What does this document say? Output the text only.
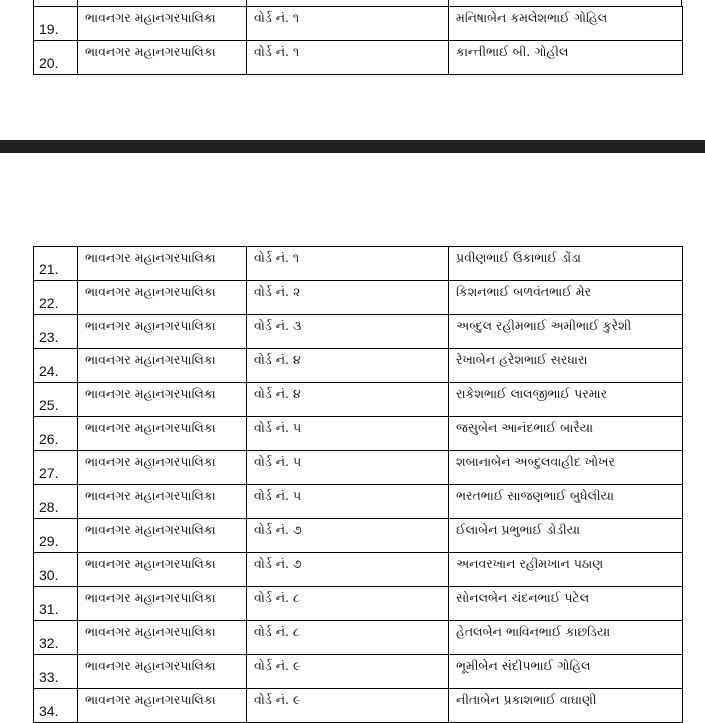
19.	ભાવનગર મહાનગરપાલિકા	વોર્ડ નં. ૧	મનિષાબેન કમલેશભાઈ ગોહિલ
20.	ભાવનગર મહાનગરપાલિકા	વોર્ડ નં. ૧	કાન્તીભાઈ બી. ગોહીલ
21.	ભાવનગર મહાનગરપાલિકા	વોર્ડ નં. ૧	પ્રવીણભાઈ ઉકાભાઈ ડોંડા
22.	ભાવનગર મહાનગરપાલિકા	વોર્ડ નં. ૨	કિશનભાઈ બળવંતભાઈ મેર
23.	ભાવનગર મહાનગરપાલિકા	વોર્ડ નં. ૩	અબ્દુલ રહીમભાઈ અમીભાઈ કુરેશી
24.	ભાવનગર મહાનગરપાલિકા	વોર્ડ નં. ૪	રેખાબેન હરેશભાઈ સરધારા
25.	ભાવનગર મહાનગરપાલિકા	વોર્ડ નં. ૪	રાકેશભાઈ લાલજીભાઈ પરમાર
26.	ભાવનગર મહાનગરપાલિકા	વોર્ડ નં. ૫	જસુબેન આનંદભાઈ બારૈયા
27.	ભાવનગર મહાનગરપાલિકા	વોર્ડ નં. ૫	શબાનાબેન અબ્દુલવાહીદ ખોખર
28.	ભાવનગર મહાનગરપાલિકા	વોર્ડ નં. ૫	ભરતભાઈ સાજણભાઈ બુધેલીયા
29.	ભાવનગર મહાનગરપાલિકા	વોર્ડ નં. ૭	ઈલાબેન પ્રભુભાઈ ડોડીયા
30.	ભાવનગર મહાનગરપાલિકા	વોર્ડ નં. ૭	અનવરખાન રહીમખાન પઠાણ
31.	ભાવનગર મહાનગરપાલિકા	વોર્ડ નં. ૮	સોનલબેન ચંદનભાઈ પટેલ
32.	ભાવનગર મહાનગરપાલિકા	વોર્ડ નં. ૮	હેતલબેન ભાવિનભાઈ કાછડિયા
33.	ભાવનગર મહાનગરપાલિકા	વોર્ડ નં. ૯	ભૂમીબેન સંદીપભાઈ ગોહિલ
34.	ભાવનગર મહાનગરપાલિકા	વોર્ડ નં. ૯	નીતાબેન પ્રકાશભાઈ વાઘાણી
